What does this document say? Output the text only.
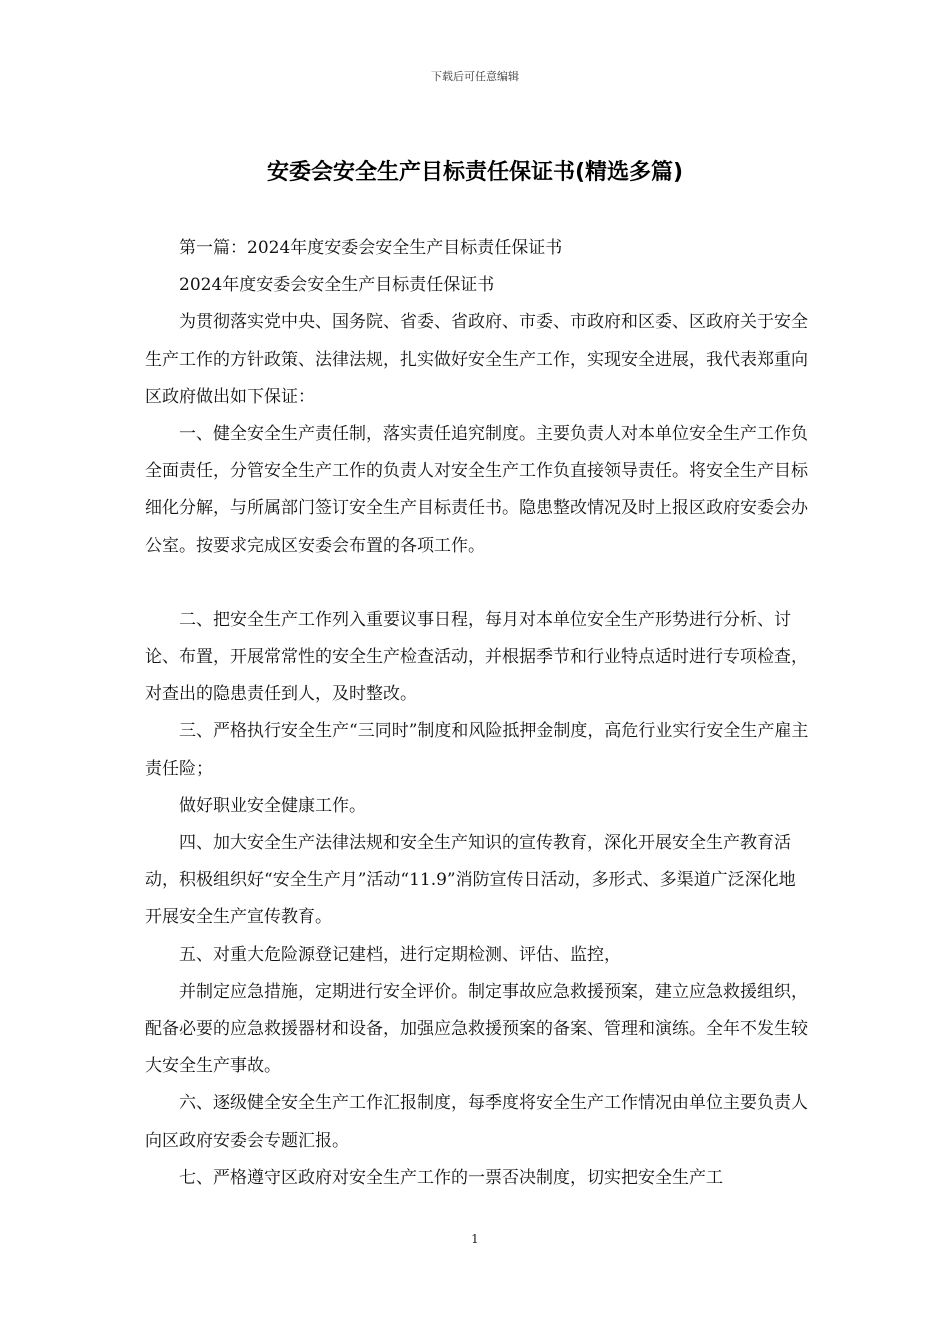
下载后可任意编辑
安委会安全生产目标责任保证书(精选多篇)

第一篇：2024年度安委会安全生产目标责任保证书

2024年度安委会安全生产目标责任保证书

为贯彻落实党中央、国务院、省委、省政府、市委、市政府和区委、区政府关于安全生产工作的方针政策、法律法规，扎实做好安全生产工作，实现安全进展，我代表郑重向区政府做出如下保证：

一、健全安全生产责任制，落实责任追究制度。主要负责人对本单位安全生产工作负全面责任，分管安全生产工作的负责人对安全生产工作负直接领导责任。将安全生产目标细化分解，与所属部门签订安全生产目标责任书。隐患整改情况及时上报区政府安委会办公室。按要求完成区安委会布置的各项工作。

二、把安全生产工作列入重要议事日程，每月对本单位安全生产形势进行分析、讨论、布置，开展常常性的安全生产检查活动，并根据季节和行业特点适时进行专项检查，对查出的隐患责任到人，及时整改。

三、严格执行安全生产“三同时”制度和风险抵押金制度，高危行业实行安全生产雇主责任险；

做好职业安全健康工作。

四、加大安全生产法律法规和安全生产知识的宣传教育，深化开展安全生产教育活动，积极组织好“安全生产月”活动“11.9”消防宣传日活动，多形式、多渠道广泛深化地开展安全生产宣传教育。

五、对重大危险源登记建档，进行定期检测、评估、监控，

并制定应急措施，定期进行安全评价。制定事故应急救援预案，建立应急救援组织，配备必要的应急救援器材和设备，加强应急救援预案的备案、管理和演练。全年不发生较大安全生产事故。

六、逐级健全安全生产工作汇报制度，每季度将安全生产工作情况由单位主要负责人向区政府安委会专题汇报。

七、严格遵守区政府对安全生产工作的一票否决制度，切实把安全生产工

1
